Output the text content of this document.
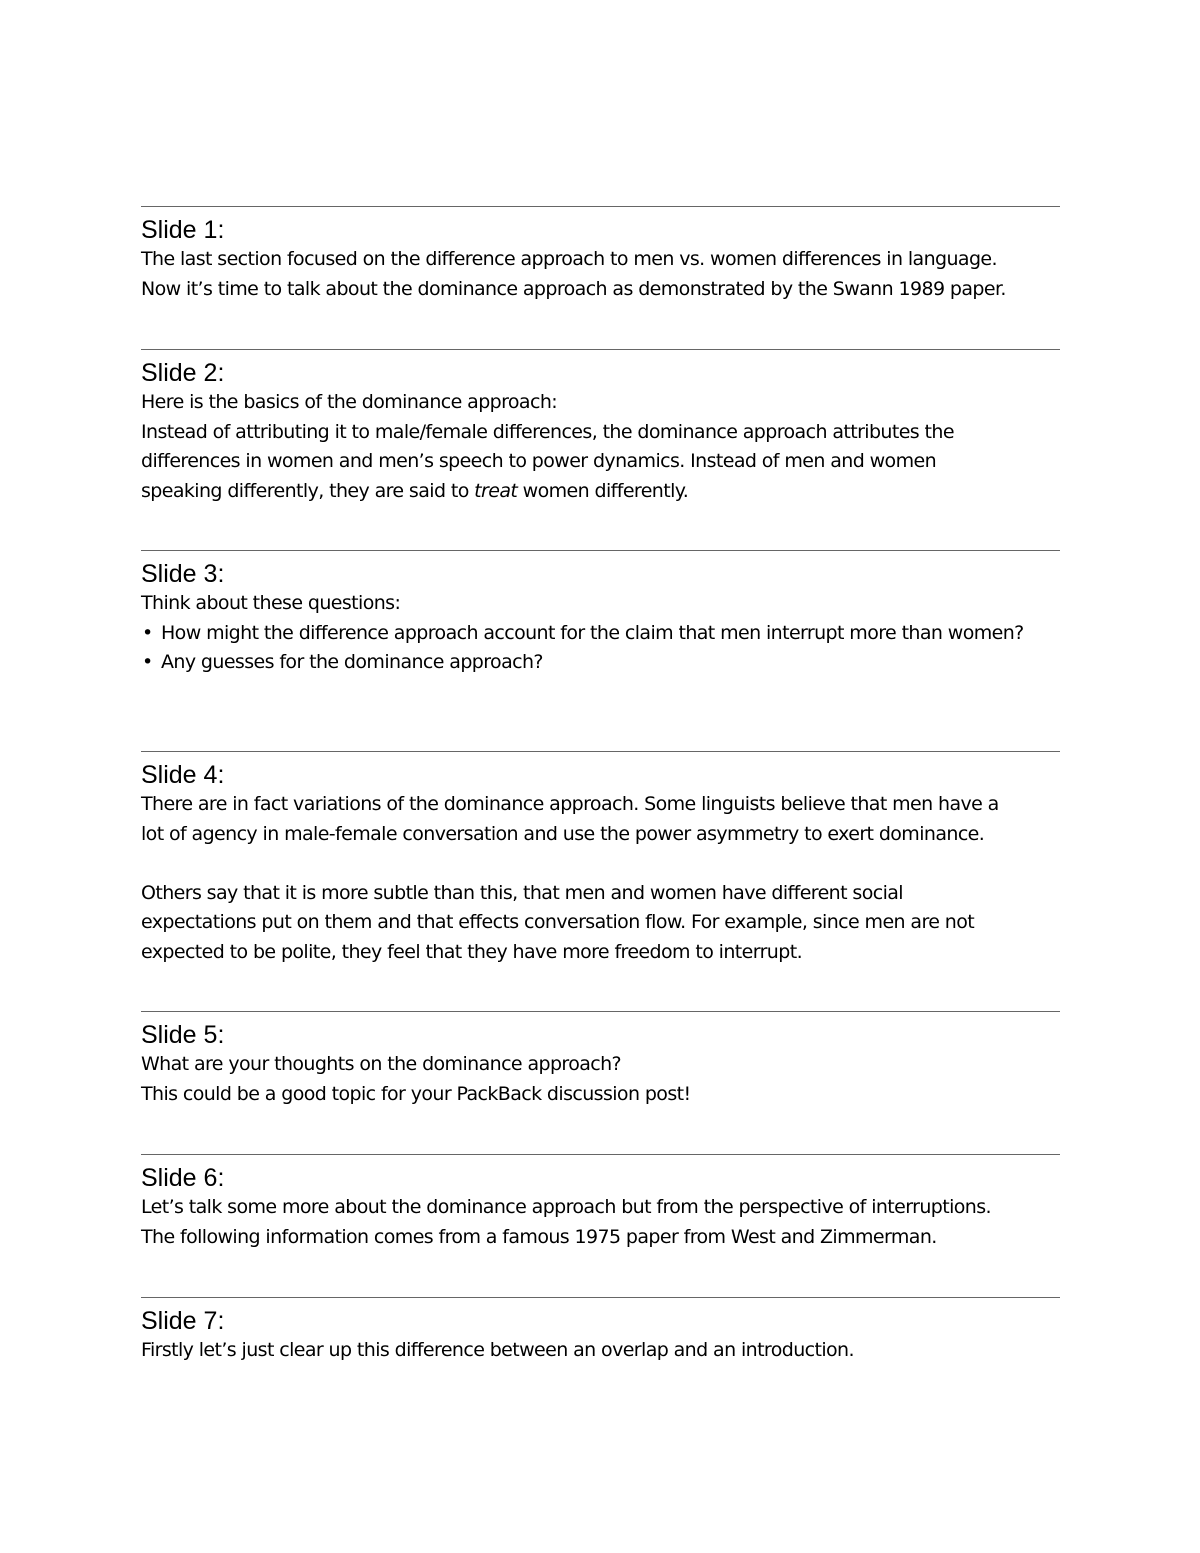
Slide 1:

The last section focused on the difference approach to men vs. women differences in language.

Now it’s time to talk about the dominance approach as demonstrated by the Swann 1989 paper.

Slide 2:

Here is the basics of the dominance approach:

Instead of attributing it to male/female differences, the dominance approach attributes the

differences in women and men’s speech to power dynamics. Instead of men and women

speaking differently, they are said to treat women differently.

Slide 3:

Think about these questions:

• How might the difference approach account for the claim that men interrupt more than women?
• Any guesses for the dominance approach?
Slide 4:

There are in fact variations of the dominance approach. Some linguists believe that men have a

lot of agency in male-female conversation and use the power asymmetry to exert dominance.

Others say that it is more subtle than this, that men and women have different social

expectations put on them and that effects conversation flow. For example, since men are not

expected to be polite, they feel that they have more freedom to interrupt.

Slide 5:

What are your thoughts on the dominance approach?

This could be a good topic for your PackBack discussion post!

Slide 6:

Let’s talk some more about the dominance approach but from the perspective of interruptions.

The following information comes from a famous 1975 paper from West and Zimmerman.

Slide 7:

Firstly let’s just clear up this difference between an overlap and an introduction.
